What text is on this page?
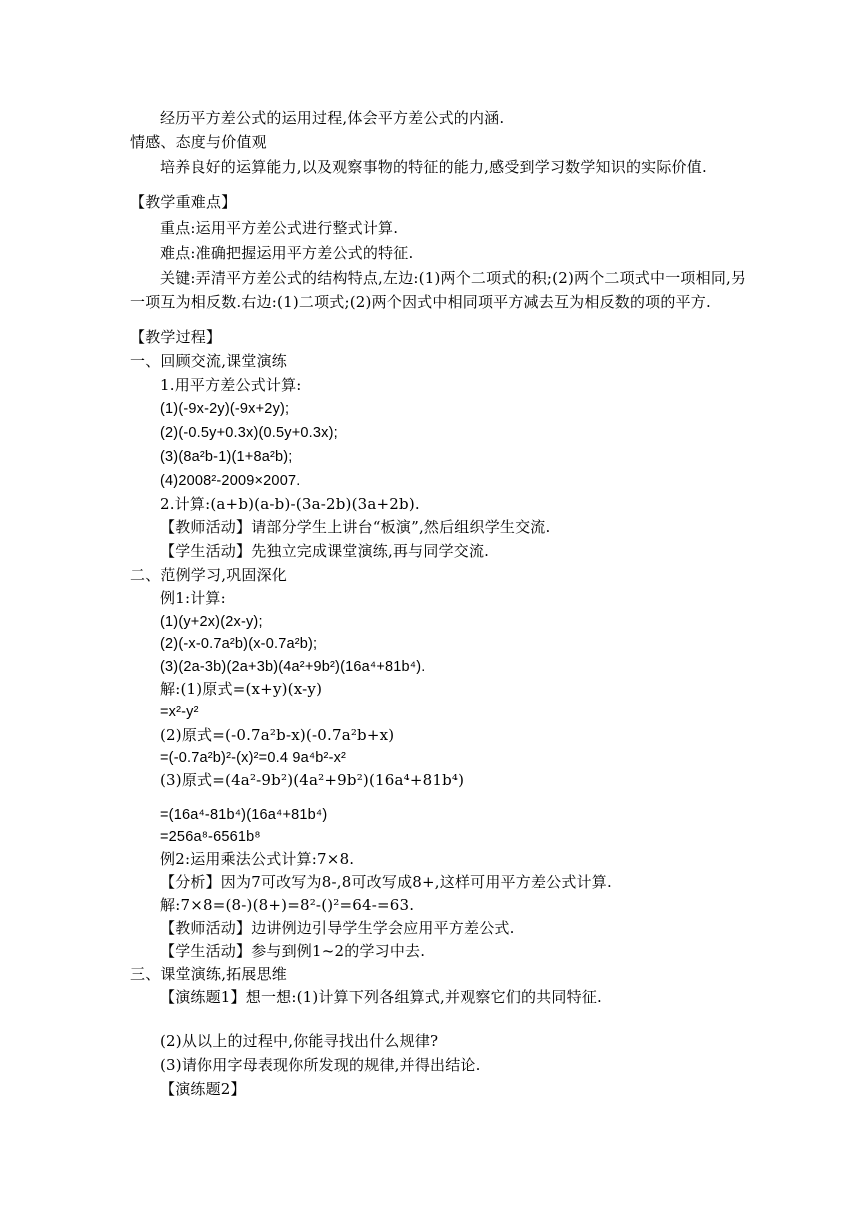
经历平方差公式的运用过程,体会平方差公式的内涵.
情感、态度与价值观
培养良好的运算能力,以及观察事物的特征的能力,感受到学习数学知识的实际价值.
【教学重难点】
重点:运用平方差公式进行整式计算.
难点:准确把握运用平方差公式的特征.
关键:弄清平方差公式的结构特点,左边:(1)两个二项式的积;(2)两个二项式中一项相同,另
一项互为相反数.右边:(1)二项式;(2)两个因式中相同项平方减去互为相反数的项的平方.
【教学过程】
一、回顾交流,课堂演练
1.用平方差公式计算:
(1)(-9x-2y)(-9x+2y);
(2)(-0.5y+0.3x)(0.5y+0.3x);
(3)(8a²b-1)(1+8a²b);
(4)2008²-2009×2007.
2.计算:(a+b)(a-b)-(3a-2b)(3a+2b).
【教师活动】请部分学生上讲台“板演”,然后组织学生交流.
【学生活动】先独立完成课堂演练,再与同学交流.
二、范例学习,巩固深化
例1:计算:
(1)(y+2x)(2x-y);
(2)(-x-0.7a²b)(x-0.7a²b);
(3)(2a-3b)(2a+3b)(4a²+9b²)(16a⁴+81b⁴).
解:(1)原式=(x+y)(x-y)
=x²-y²
(2)原式=(-0.7a²b-x)(-0.7a²b+x)
=(-0.7a²b)²-(x)²=0.4 9a⁴b²-x²
(3)原式=(4a²-9b²)(4a²+9b²)(16a⁴+81b⁴)
=(16a⁴-81b⁴)(16a⁴+81b⁴)
=256a⁸-6561b⁸
例2:运用乘法公式计算:7×8.
【分析】因为7可改写为8-,8可改写成8+,这样可用平方差公式计算.
解:7×8=(8-)(8+)=8²-()²=64-=63.
【教师活动】边讲例边引导学生学会应用平方差公式.
【学生活动】参与到例1~2的学习中去.
三、课堂演练,拓展思维
【演练题1】想一想:(1)计算下列各组算式,并观察它们的共同特征.
(2)从以上的过程中,你能寻找出什么规律?
(3)请你用字母表现你所发现的规律,并得出结论.
【演练题2】
